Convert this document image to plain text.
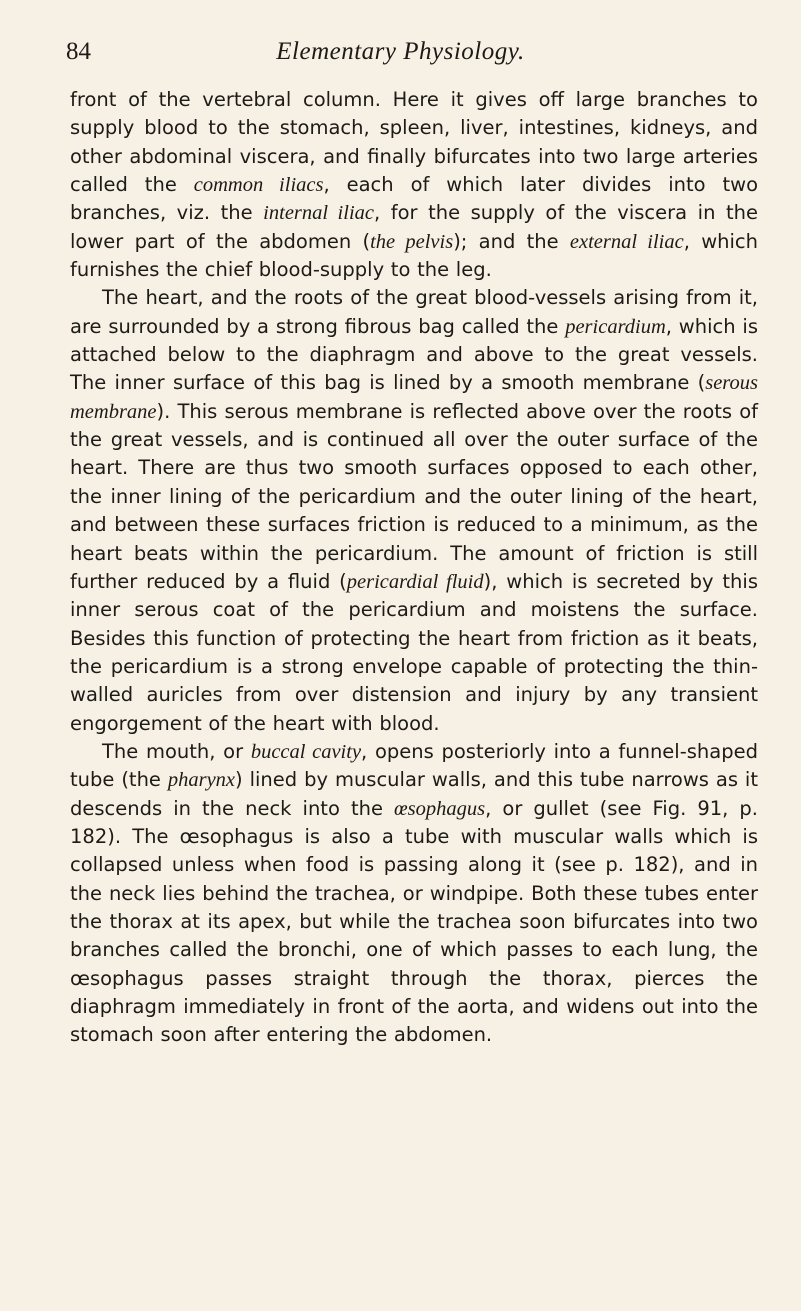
84	Elementary Physiology.

front of the vertebral column. Here it gives off large branches to supply blood to the stomach, spleen, liver, intestines, kidneys, and other abdominal viscera, and finally bifurcates into two large arteries called the common iliacs, each of which later divides into two branches, viz. the internal iliac, for the supply of the viscera in the lower part of the abdomen (the pelvis); and the external iliac, which furnishes the chief blood-supply to the leg.

The heart, and the roots of the great blood-vessels arising from it, are surrounded by a strong fibrous bag called the pericardium, which is attached below to the diaphragm and above to the great vessels. The inner surface of this bag is lined by a smooth membrane (serous membrane). This serous membrane is reflected above over the roots of the great vessels, and is continued all over the outer surface of the heart. There are thus two smooth surfaces opposed to each other, the inner lining of the pericardium and the outer lining of the heart, and between these surfaces friction is reduced to a minimum, as the heart beats within the pericardium. The amount of friction is still further reduced by a fluid (pericardial fluid), which is secreted by this inner serous coat of the pericardium and moistens the surface. Besides this function of protecting the heart from friction as it beats, the pericardium is a strong envelope capable of protecting the thin-walled auricles from over distension and injury by any transient engorgement of the heart with blood.

The mouth, or buccal cavity, opens posteriorly into a funnel-shaped tube (the pharynx) lined by muscular walls, and this tube narrows as it descends in the neck into the œsophagus, or gullet (see Fig. 91, p. 182). The œsophagus is also a tube with muscular walls which is collapsed unless when food is passing along it (see p. 182), and in the neck lies behind the trachea, or windpipe. Both these tubes enter the thorax at its apex, but while the trachea soon bifurcates into two branches called the bronchi, one of which passes to each lung, the œsophagus passes straight through the thorax, pierces the diaphragm immediately in front of the aorta, and widens out into the stomach soon after entering the abdomen.
